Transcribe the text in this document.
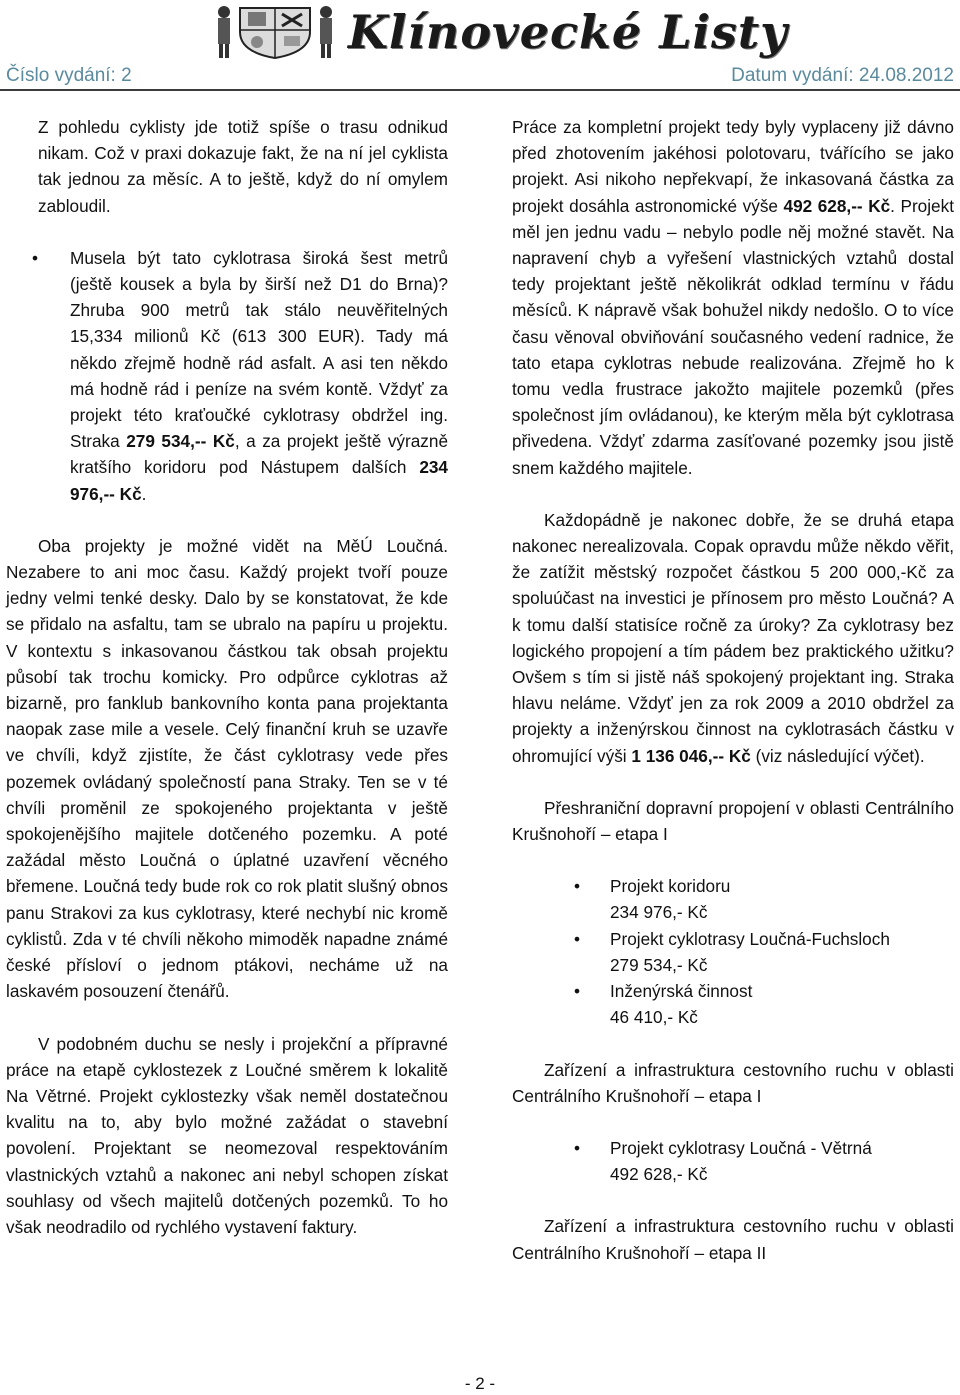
Klínovecké Listy
Číslo vydání: 2	Datum vydání: 24.08.2012

Z pohledu cyklisty jde totiž spíše o trasu odnikud nikam. Což v praxi dokazuje fakt, že na ní jel cyklista tak jednou za měsíc. A to ještě, když do ní omylem zabloudil.

• Musela být tato cyklotrasa široká šest metrů (ještě kousek a byla by širší než D1 do Brna)? Zhruba 900 metrů tak stálo neuvěřitelných 15,334 milionů Kč (613 300 EUR). Tady má někdo zřejmě hodně rád asfalt. A asi ten někdo má hodně rád i peníze na svém kontě. Vždyť za projekt této kraťoučké cyklotrasy obdržel ing. Straka 279 534,-- Kč, a za projekt ještě výrazně kratšího koridoru pod Nástupem dalších 234 976,-- Kč.

Oba projekty je možné vidět na MěÚ Loučná. Nezabere to ani moc času. Každý projekt tvoří pouze jedny velmi tenké desky. Dalo by se konstatovat, že kde se přidalo na asfaltu, tam se ubralo na papíru u projektu. V kontextu s inkasovanou částkou tak obsah projektu působí tak trochu komicky. Pro odpůrce cyklotras až bizarně, pro fanklub bankovního konta pana projektanta naopak zase mile a vesele. Celý finanční kruh se uzavře ve chvíli, když zjistíte, že část cyklotrasy vede přes pozemek ovládaný společností pana Straky. Ten se v té chvíli proměnil ze spokojeného projektanta v ještě spokojenějšího majitele dotčeného pozemku. A poté zažádal město Loučná o úplatné uzavření věcného břemene. Loučná tedy bude rok co rok platit slušný obnos panu Strakovi za kus cyklotrasy, které nechybí nic kromě cyklistů. Zda v té chvíli někoho mimoděk napadne známé české přísloví o jednom ptákovi, necháme už na laskavém posouzení čtenářů.

V podobném duchu se nesly i projekční a přípravné práce na etapě cyklostezek z Loučné směrem k lokalitě Na Větrné. Projekt cyklostezky však neměl dostatečnou kvalitu na to, aby bylo možné zažádat o stavební povolení. Projektant se neomezoval respektováním vlastnických vztahů a nakonec ani nebyl schopen získat souhlasy od všech majitelů dotčených pozemků. To ho však neodradilo od rychlého vystavení faktury.

Práce za kompletní projekt tedy byly vyplaceny již dávno před zhotovením jakéhosi polotovaru, tvářícího se jako projekt. Asi nikoho nepřekvapí, že inkasovaná částka za projekt dosáhla astronomické výše 492 628,-- Kč. Projekt měl jen jednu vadu – nebylo podle něj možné stavět. Na napravení chyb a vyřešení vlastnických vztahů dostal tedy projektant ještě několikrát odklad termínu v řádu měsíců. K nápravě však bohužel nikdy nedošlo. O to více času věnoval obviňování současného vedení radnice, že tato etapa cyklotras nebude realizována. Zřejmě ho k tomu vedla frustrace jakožto majitele pozemků (přes společnost jím ovládanou), ke kterým měla být cyklotrasa přivedena. Vždyť zdarma zasíťované pozemky jsou jistě snem každého majitele.

Každopádně je nakonec dobře, že se druhá etapa nakonec nerealizovala. Copak opravdu může někdo věřit, že zatížit městský rozpočet částkou 5 200 000,-Kč za spoluúčast na investici je přínosem pro město Loučná? A k tomu další statisíce ročně za úroky? Za cyklotrasy bez logického propojení a tím pádem bez praktického užitku? Ovšem s tím si jistě náš spokojený projektant ing. Straka hlavu neláme. Vždyť jen za rok 2009 a 2010 obdržel za projekty a inženýrskou činnost na cyklotrasách částku v ohromující výši 1 136 046,-- Kč (viz následující výčet).

Přeshraniční dopravní propojení v oblasti Centrálního Krušnohoří – etapa I

• Projekt koridoru
234 976,- Kč
• Projekt cyklotrasy Loučná-Fuchsloch
279 534,- Kč
• Inženýrská činnost
46 410,- Kč

Zařízení a infrastruktura cestovního ruchu v oblasti Centrálního Krušnohoří – etapa I

• Projekt cyklotrasy Loučná - Větrná
492 628,- Kč

Zařízení a infrastruktura cestovního ruchu v oblasti Centrálního Krušnohoří – etapa II

- 2 -
